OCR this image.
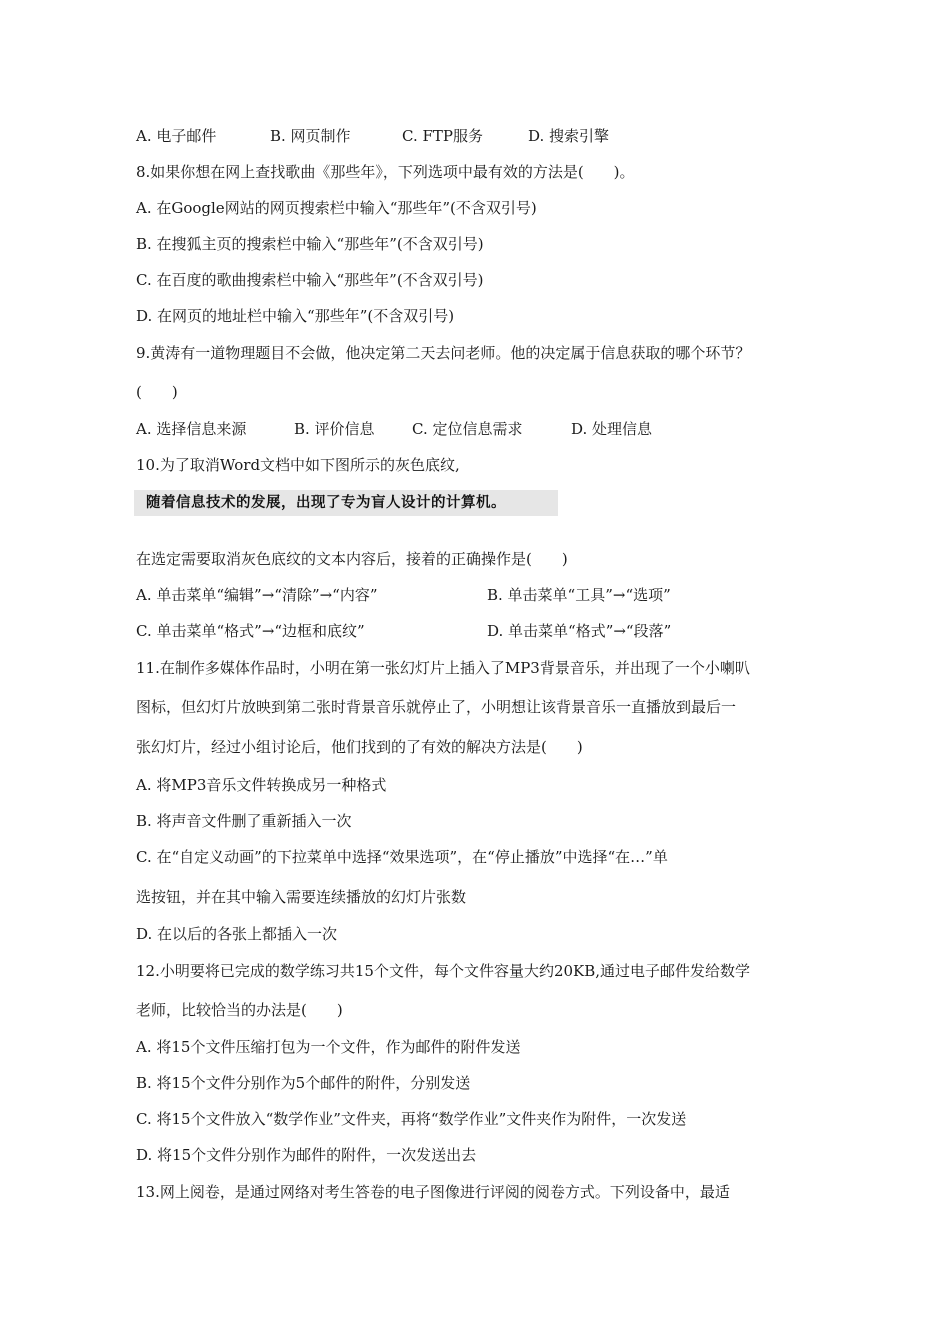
A. 电子邮件	B. 网页制作	C. FTP服务	D. 搜索引擎
8.如果你想在网上查找歌曲《那些年》，下列选项中最有效的方法是(　　)。
A. 在Google网站的网页搜索栏中输入“那些年”(不含双引号)
B. 在搜狐主页的搜索栏中输入“那些年”(不含双引号)
C. 在百度的歌曲搜索栏中输入“那些年”(不含双引号)
D. 在网页的地址栏中输入“那些年”(不含双引号)
9.黄涛有一道物理题目不会做，他决定第二天去问老师。他的决定属于信息获取的哪个环节？
(　　)
A. 选择信息来源	B. 评价信息 C. 定位信息需求	D. 处理信息
10.为了取消Word文档中如下图所示的灰色底纹,
随着信息技术的发展，出现了专为盲人设计的计算机。
在选定需要取消灰色底纹的文本内容后，接着的正确操作是(　　)
A. 单击菜单“编辑”→“清除”→“内容”	B. 单击菜单“工具”→“选项”
C. 单击菜单“格式”→“边框和底纹”	D. 单击菜单“格式”→“段落”
11.在制作多媒体作品时，小明在第一张幻灯片上插入了MP3背景音乐，并出现了一个小喇叭
图标，但幻灯片放映到第二张时背景音乐就停止了，小明想让该背景音乐一直播放到最后一
张幻灯片，经过小组讨论后，他们找到的了有效的解决方法是(　　)
A. 将MP3音乐文件转换成另一种格式
B. 将声音文件删了重新插入一次
C. 在“自定义动画”的下拉菜单中选择“效果选项”，在“停止播放”中选择“在…”单
选按钮，并在其中输入需要连续播放的幻灯片张数
D. 在以后的各张上都插入一次
12.小明要将已完成的数学练习共15个文件，每个文件容量大约20KB,通过电子邮件发给数学
老师，比较恰当的办法是(　　)
A. 将15个文件压缩打包为一个文件，作为邮件的附件发送
B. 将15个文件分别作为5个邮件的附件，分别发送
C. 将15个文件放入“数学作业”文件夹，再将“数学作业”文件夹作为附件，一次发送
D. 将15个文件分别作为邮件的附件，一次发送出去
13.网上阅卷，是通过网络对考生答卷的电子图像进行评阅的阅卷方式。下列设备中，最适
